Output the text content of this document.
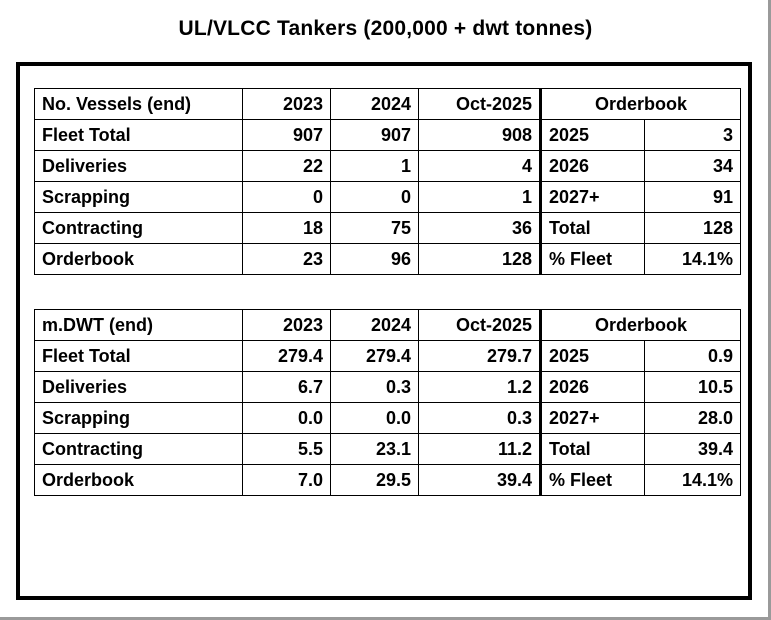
UL/VLCC Tankers (200,000 + dwt tonnes)
No. Vessels (end)	2023	2024	Oct-2025	Orderbook	
Fleet Total	907	907	908	2025	3
Deliveries	22	1	4	2026	34
Scrapping	0	0	1	2027+	91
Contracting	18	75	36	Total	128
Orderbook	23	96	128	% Fleet	14.1%
m.DWT (end)	2023	2024	Oct-2025	Orderbook	
Fleet Total	279.4	279.4	279.7	2025	0.9
Deliveries	6.7	0.3	1.2	2026	10.5
Scrapping	0.0	0.0	0.3	2027+	28.0
Contracting	5.5	23.1	11.2	Total	39.4
Orderbook	7.0	29.5	39.4	% Fleet	14.1%
